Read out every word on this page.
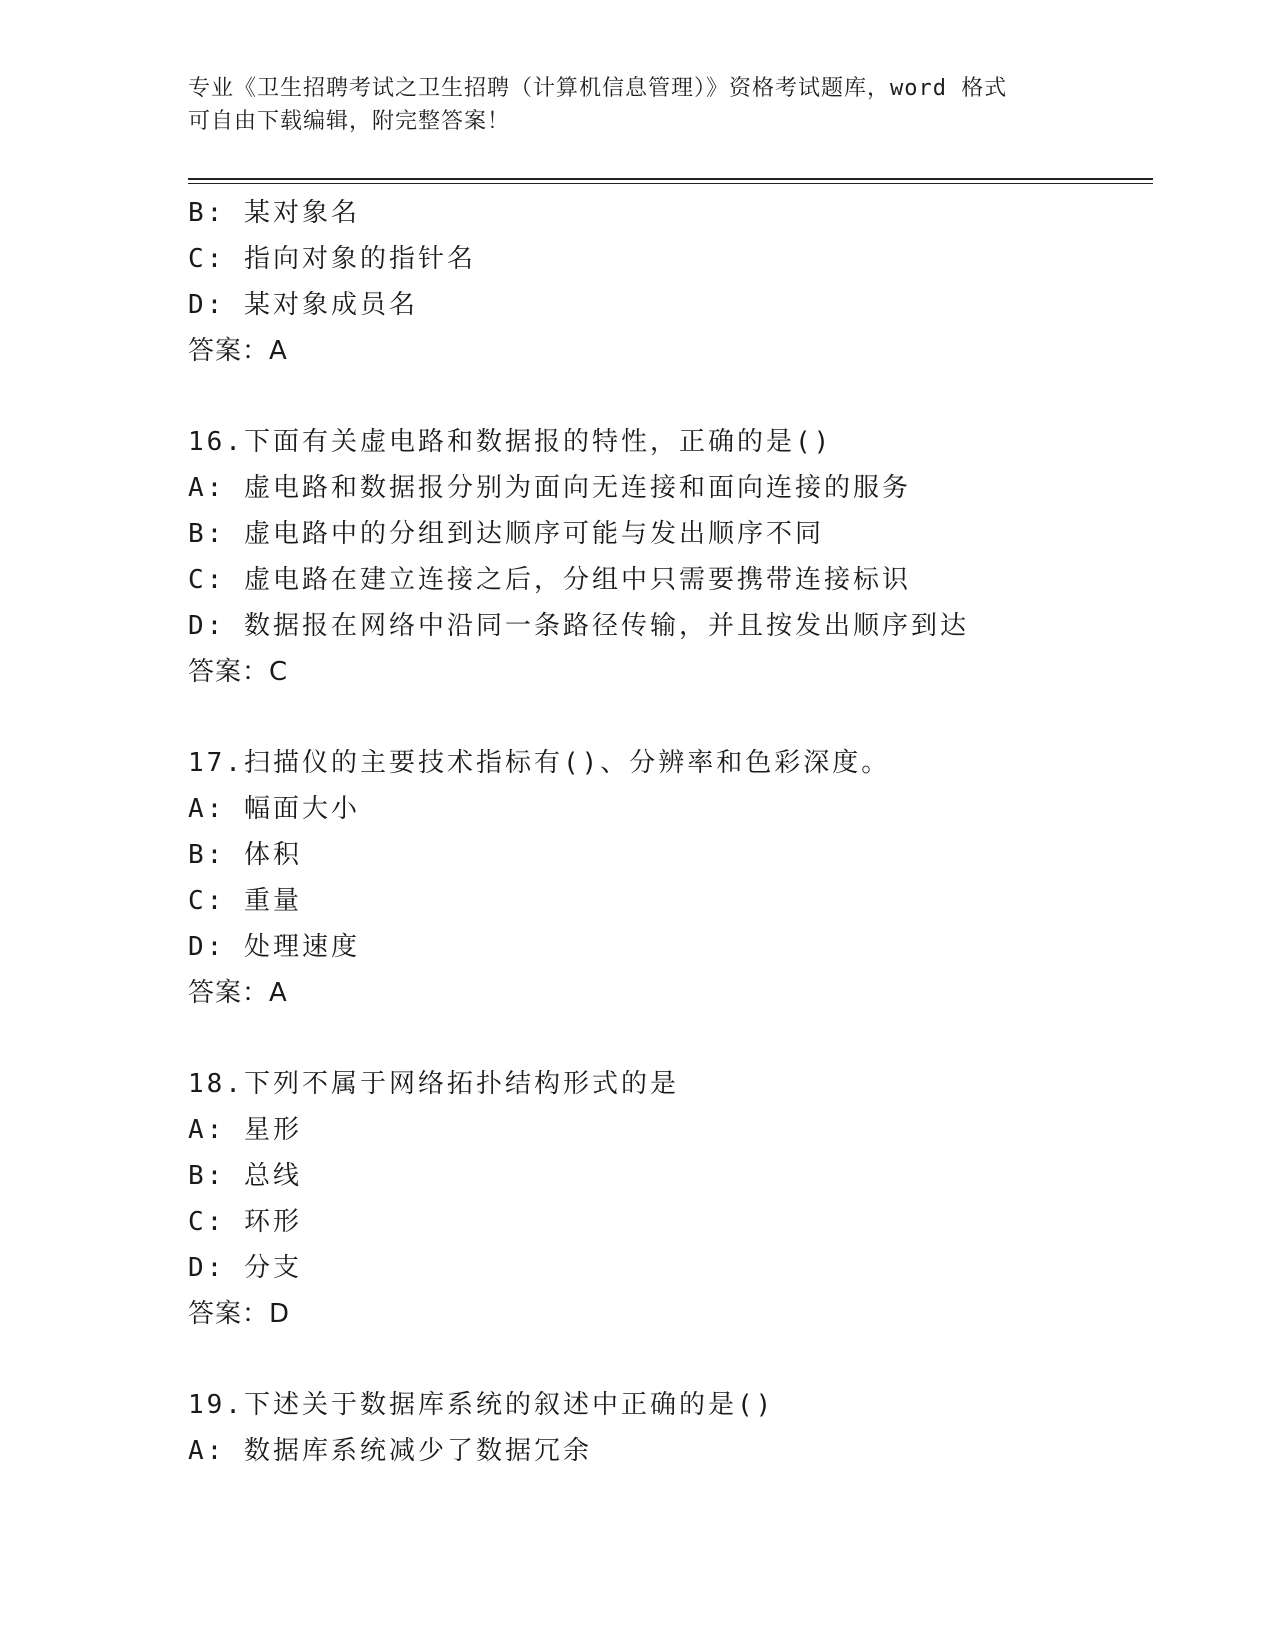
专业《卫生招聘考试之卫生招聘（计算机信息管理）》资格考试题库，word 格式
可自由下载编辑，附完整答案！
B: 某对象名
C: 指向对象的指针名
D: 某对象成员名
答案：A
16.下面有关虚电路和数据报的特性，正确的是()
A: 虚电路和数据报分别为面向无连接和面向连接的服务
B: 虚电路中的分组到达顺序可能与发出顺序不同
C: 虚电路在建立连接之后，分组中只需要携带连接标识
D: 数据报在网络中沿同一条路径传输，并且按发出顺序到达
答案：C
17.扫描仪的主要技术指标有()、分辨率和色彩深度。
A: 幅面大小
B: 体积
C: 重量
D: 处理速度
答案：A
18.下列不属于网络拓扑结构形式的是
A: 星形
B: 总线
C: 环形
D: 分支
答案：D
19.下述关于数据库系统的叙述中正确的是()
A: 数据库系统减少了数据冗余
